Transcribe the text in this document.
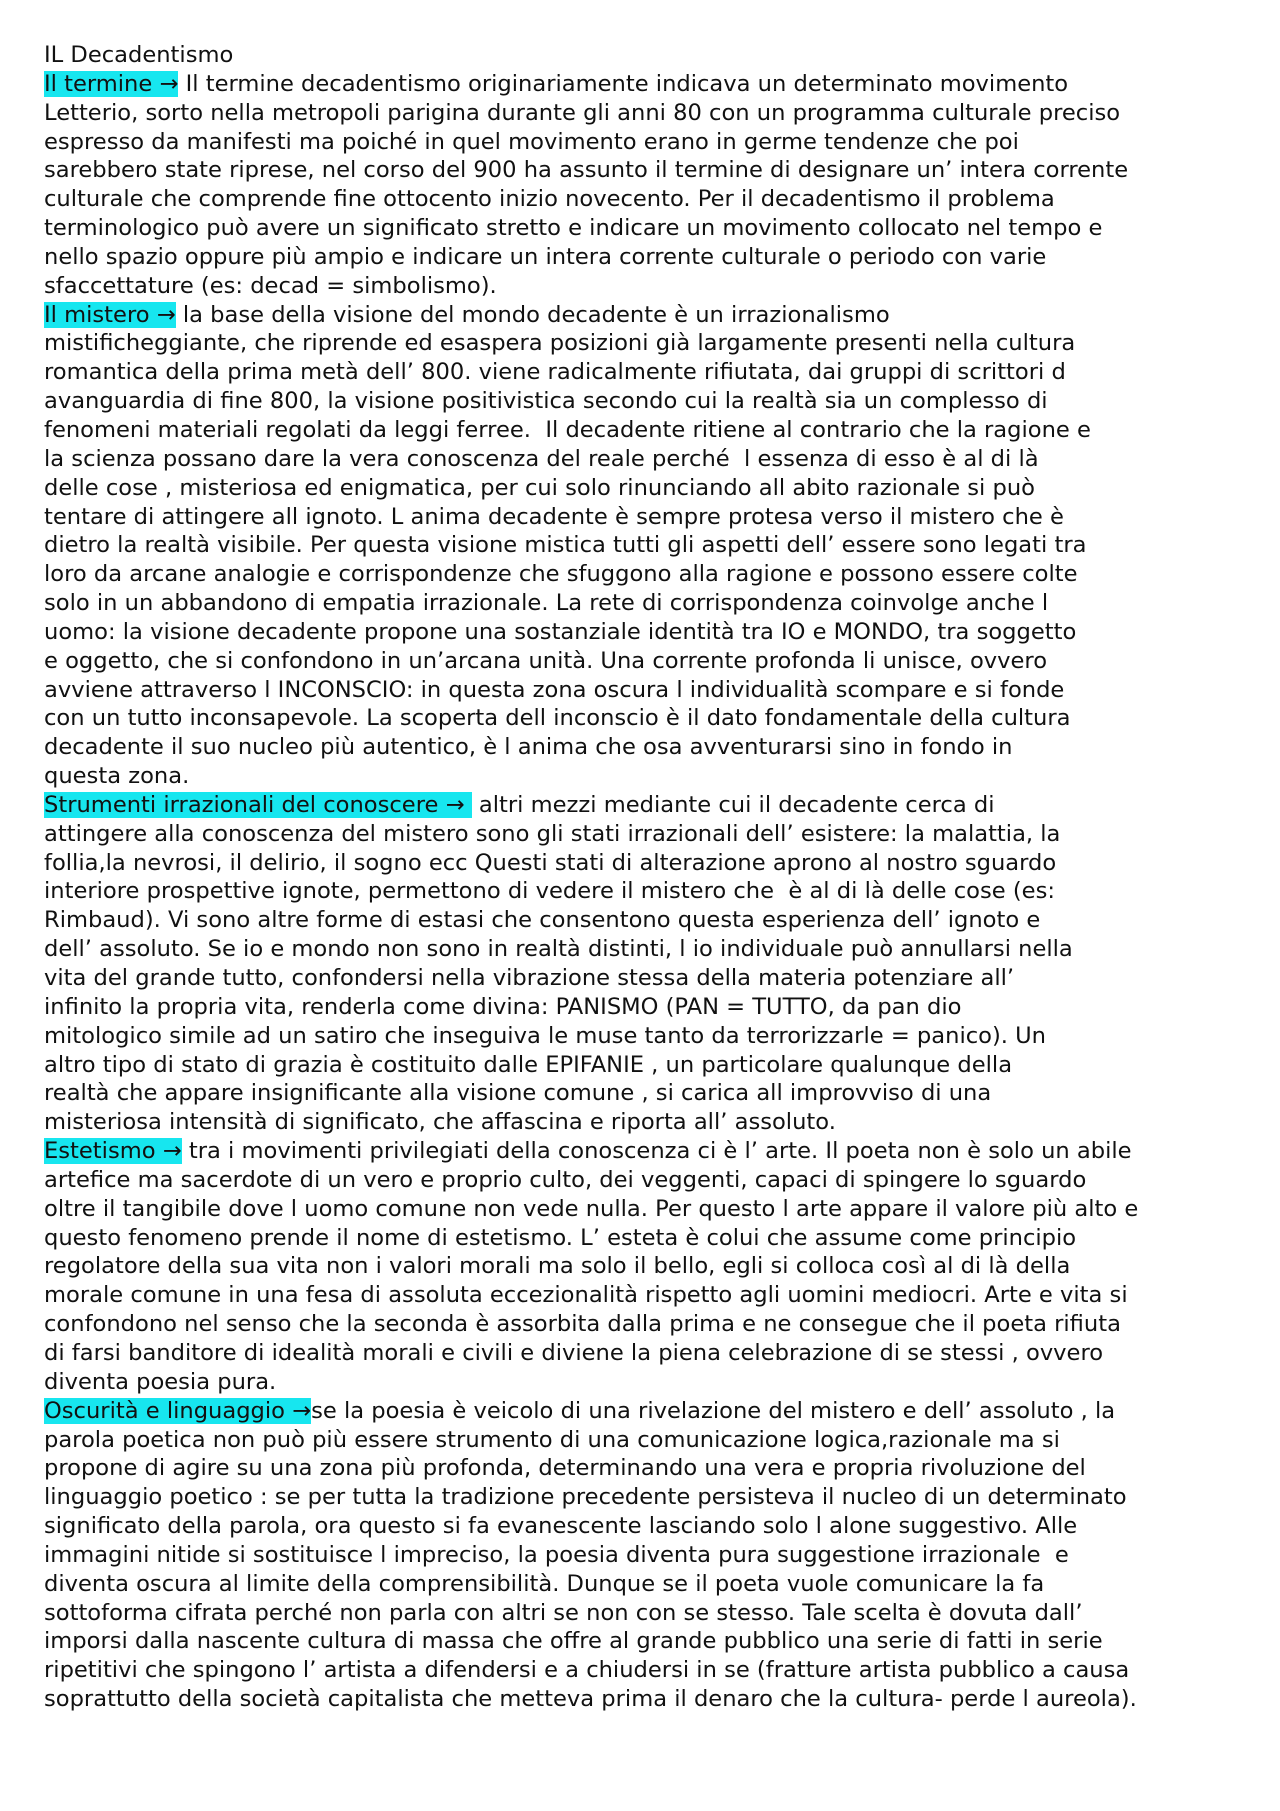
IL Decadentismo
Il termine → Il termine decadentismo originariamente indicava un determinato movimento
Letterio, sorto nella metropoli parigina durante gli anni 80 con un programma culturale preciso
espresso da manifesti ma poiché in quel movimento erano in germe tendenze che poi
sarebbero state riprese, nel corso del 900 ha assunto il termine di designare un’ intera corrente
culturale che comprende fine ottocento inizio novecento. Per il decadentismo il problema
terminologico può avere un significato stretto e indicare un movimento collocato nel tempo e
nello spazio oppure più ampio e indicare un intera corrente culturale o periodo con varie
sfaccettature (es: decad = simbolismo).
Il mistero → la base della visione del mondo decadente è un irrazionalismo
mistificheggiante, che riprende ed esaspera posizioni già largamente presenti nella cultura
romantica della prima metà dell’ 800. viene radicalmente rifiutata, dai gruppi di scrittori d
avanguardia di fine 800, la visione positivistica secondo cui la realtà sia un complesso di
fenomeni materiali regolati da leggi ferree.  Il decadente ritiene al contrario che la ragione e
la scienza possano dare la vera conoscenza del reale perché  l essenza di esso è al di là
delle cose , misteriosa ed enigmatica, per cui solo rinunciando all abito razionale si può
tentare di attingere all ignoto. L anima decadente è sempre protesa verso il mistero che è
dietro la realtà visibile. Per questa visione mistica tutti gli aspetti dell’ essere sono legati tra
loro da arcane analogie e corrispondenze che sfuggono alla ragione e possono essere colte
solo in un abbandono di empatia irrazionale. La rete di corrispondenza coinvolge anche l
uomo: la visione decadente propone una sostanziale identità tra IO e MONDO, tra soggetto
e oggetto, che si confondono in un’arcana unità. Una corrente profonda li unisce, ovvero
avviene attraverso l INCONSCIO: in questa zona oscura l individualità scompare e si fonde
con un tutto inconsapevole. La scoperta dell inconscio è il dato fondamentale della cultura
decadente il suo nucleo più autentico, è l anima che osa avventurarsi sino in fondo in
questa zona.
Strumenti irrazionali del conoscere →  altri mezzi mediante cui il decadente cerca di
attingere alla conoscenza del mistero sono gli stati irrazionali dell’ esistere: la malattia, la
follia,la nevrosi, il delirio, il sogno ecc Questi stati di alterazione aprono al nostro sguardo
interiore prospettive ignote, permettono di vedere il mistero che  è al di là delle cose (es:
Rimbaud). Vi sono altre forme di estasi che consentono questa esperienza dell’ ignoto e
dell’ assoluto. Se io e mondo non sono in realtà distinti, l io individuale può annullarsi nella
vita del grande tutto, confondersi nella vibrazione stessa della materia potenziare all’
infinito la propria vita, renderla come divina: PANISMO (PAN = TUTTO, da pan dio
mitologico simile ad un satiro che inseguiva le muse tanto da terrorizzarle = panico). Un
altro tipo di stato di grazia è costituito dalle EPIFANIE , un particolare qualunque della
realtà che appare insignificante alla visione comune , si carica all improvviso di una
misteriosa intensità di significato, che affascina e riporta all’ assoluto.
Estetismo → tra i movimenti privilegiati della conoscenza ci è l’ arte. Il poeta non è solo un abile
artefice ma sacerdote di un vero e proprio culto, dei veggenti, capaci di spingere lo sguardo
oltre il tangibile dove l uomo comune non vede nulla. Per questo l arte appare il valore più alto e
questo fenomeno prende il nome di estetismo. L’ esteta è colui che assume come principio
regolatore della sua vita non i valori morali ma solo il bello, egli si colloca così al di là della
morale comune in una fesa di assoluta eccezionalità rispetto agli uomini mediocri. Arte e vita si
confondono nel senso che la seconda è assorbita dalla prima e ne consegue che il poeta rifiuta
di farsi banditore di idealità morali e civili e diviene la piena celebrazione di se stessi , ovvero
diventa poesia pura.
Oscurità e linguaggio →se la poesia è veicolo di una rivelazione del mistero e dell’ assoluto , la
parola poetica non può più essere strumento di una comunicazione logica,razionale ma si
propone di agire su una zona più profonda, determinando una vera e propria rivoluzione del
linguaggio poetico : se per tutta la tradizione precedente persisteva il nucleo di un determinato
significato della parola, ora questo si fa evanescente lasciando solo l alone suggestivo. Alle
immagini nitide si sostituisce l impreciso, la poesia diventa pura suggestione irrazionale  e
diventa oscura al limite della comprensibilità. Dunque se il poeta vuole comunicare la fa
sottoforma cifrata perché non parla con altri se non con se stesso. Tale scelta è dovuta dall’
imporsi dalla nascente cultura di massa che offre al grande pubblico una serie di fatti in serie
ripetitivi che spingono l’ artista a difendersi e a chiudersi in se (fratture artista pubblico a causa
soprattutto della società capitalista che metteva prima il denaro che la cultura- perde l aureola).
